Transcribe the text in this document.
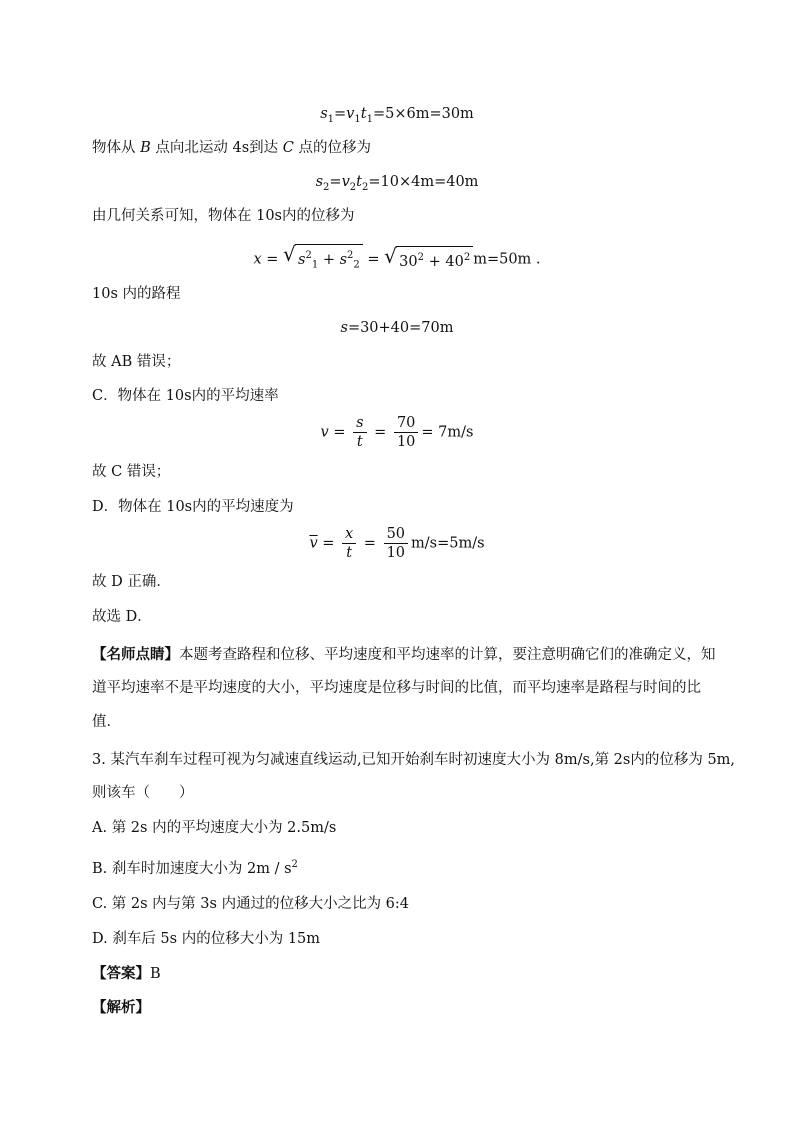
$s_1=v_1t_1=5\times 6m=30m$
物体从 B 点向北运动 4s到达 C 点的位移为
$s_2=v_2t_2=10\times 4m=40m$
由几何关系可知，物体在 10s内的位移为
x = √ $s^2_1 + s^2_2$ = √ $30^2 + 40^2$ m=50m .
10s 内的路程
s=30+40=70m
故 AB 错误；
C．物体在 10s内的平均速率
$v = \frac{s}{t} = \frac{70}{10} = 7m/s$
故 C 错误；
D．物体在 10s内的平均速度为
$\overline{v} = \frac{x}{t} = \frac{50}{10} m/s=5m/s$
故 D 正确．
故选 D．
【名师点睛】本题考查路程和位移、平均速度和平均速率的计算，要注意明确它们的准确定义，知
道平均速率不是平均速度的大小，平均速度是位移与时间的比值，而平均速率是路程与时间的比
值．
3. 某汽车刹车过程可视为匀减速直线运动,已知开始刹车时初速度大小为 8m/s,第 2s内的位移为 5m,
则该车（　　）
A. 第 2s 内的平均速度大小为 2.5m/s
B. 刹车时加速度大小为 $2m / s^2$
C. 第 2s 内与第 3s 内通过的位移大小之比为 6:4
D. 刹车后 5s 内的位移大小为 15m
【答案】B
【解析】
